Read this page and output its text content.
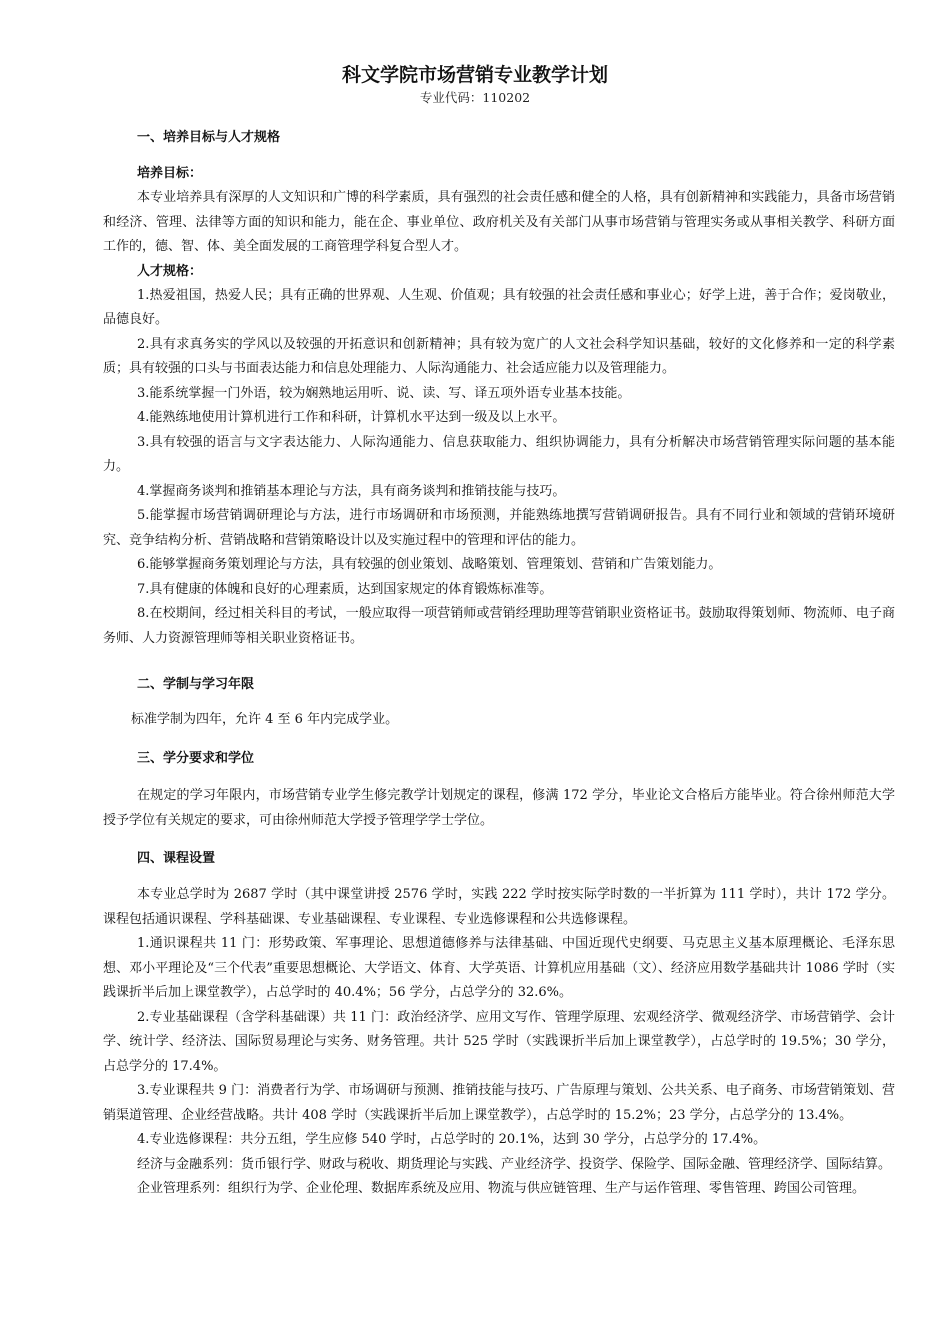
科文学院市场营销专业教学计划
专业代码：110202
一、培养目标与人才规格
培养目标：

本专业培养具有深厚的人文知识和广博的科学素质，具有强烈的社会责任感和健全的人格，具有创新精神和实践能力，具备市场营销和经济、管理、法律等方面的知识和能力，能在企、事业单位、政府机关及有关部门从事市场营销与管理实务或从事相关教学、科研方面工作的，德、智、体、美全面发展的工商管理学科复合型人才。

人才规格：

1.热爱祖国，热爱人民；具有正确的世界观、人生观、价值观；具有较强的社会责任感和事业心；好学上进，善于合作；爱岗敬业，品德良好。

2.具有求真务实的学风以及较强的开拓意识和创新精神；具有较为宽广的人文社会科学知识基础，较好的文化修养和一定的科学素质；具有较强的口头与书面表达能力和信息处理能力、人际沟通能力、社会适应能力以及管理能力。

3.能系统掌握一门外语，较为娴熟地运用听、说、读、写、译五项外语专业基本技能。

4.能熟练地使用计算机进行工作和科研，计算机水平达到一级及以上水平。

3.具有较强的语言与文字表达能力、人际沟通能力、信息获取能力、组织协调能力，具有分析解决市场营销管理实际问题的基本能力。

4.掌握商务谈判和推销基本理论与方法，具有商务谈判和推销技能与技巧。

5.能掌握市场营销调研理论与方法，进行市场调研和市场预测，并能熟练地撰写营销调研报告。具有不同行业和领域的营销环境研究、竞争结构分析、营销战略和营销策略设计以及实施过程中的管理和评估的能力。

6.能够掌握商务策划理论与方法，具有较强的创业策划、战略策划、管理策划、营销和广告策划能力。

7.具有健康的体魄和良好的心理素质，达到国家规定的体育锻炼标准等。

8.在校期间，经过相关科目的考试，一般应取得一项营销师或营销经理助理等营销职业资格证书。鼓励取得策划师、物流师、电子商务师、人力资源管理师等相关职业资格证书。

二、学制与学习年限

标准学制为四年，允许 4 至 6 年内完成学业。

三、学分要求和学位

在规定的学习年限内，市场营销专业学生修完教学计划规定的课程，修满 172 学分，毕业论文合格后方能毕业。符合徐州师范大学授予学位有关规定的要求，可由徐州师范大学授予管理学学士学位。

四、课程设置

本专业总学时为 2687 学时（其中课堂讲授 2576 学时，实践 222 学时按实际学时数的一半折算为 111 学时），共计 172 学分。课程包括通识课程、学科基础课、专业基础课程、专业课程、专业选修课程和公共选修课程。

1.通识课程共 11 门：形势政策、军事理论、思想道德修养与法律基础、中国近现代史纲要、马克思主义基本原理概论、毛泽东思想、邓小平理论及“三个代表”重要思想概论、大学语文、体育、大学英语、计算机应用基础（文）、经济应用数学基础共计 1086 学时（实践课折半后加上课堂教学），占总学时的 40.4%；56 学分，占总学分的 32.6%。

2.专业基础课程（含学科基础课）共 11 门：政治经济学、应用文写作、管理学原理、宏观经济学、微观经济学、市场营销学、会计学、统计学、经济法、国际贸易理论与实务、财务管理。共计 525 学时（实践课折半后加上课堂教学），占总学时的 19.5%；30 学分，占总学分的 17.4%。

3.专业课程共 9 门：消费者行为学、市场调研与预测、推销技能与技巧、广告原理与策划、公共关系、电子商务、市场营销策划、营销渠道管理、企业经营战略。共计 408 学时（实践课折半后加上课堂教学），占总学时的 15.2%；23 学分，占总学分的 13.4%。

4.专业选修课程：共分五组，学生应修 540 学时，占总学时的 20.1%，达到 30 学分，占总学分的 17.4%。

经济与金融系列：货币银行学、财政与税收、期货理论与实践、产业经济学、投资学、保险学、国际金融、管理经济学、国际结算。

企业管理系列：组织行为学、企业伦理、数据库系统及应用、物流与供应链管理、生产与运作管理、零售管理、跨国公司管理。
